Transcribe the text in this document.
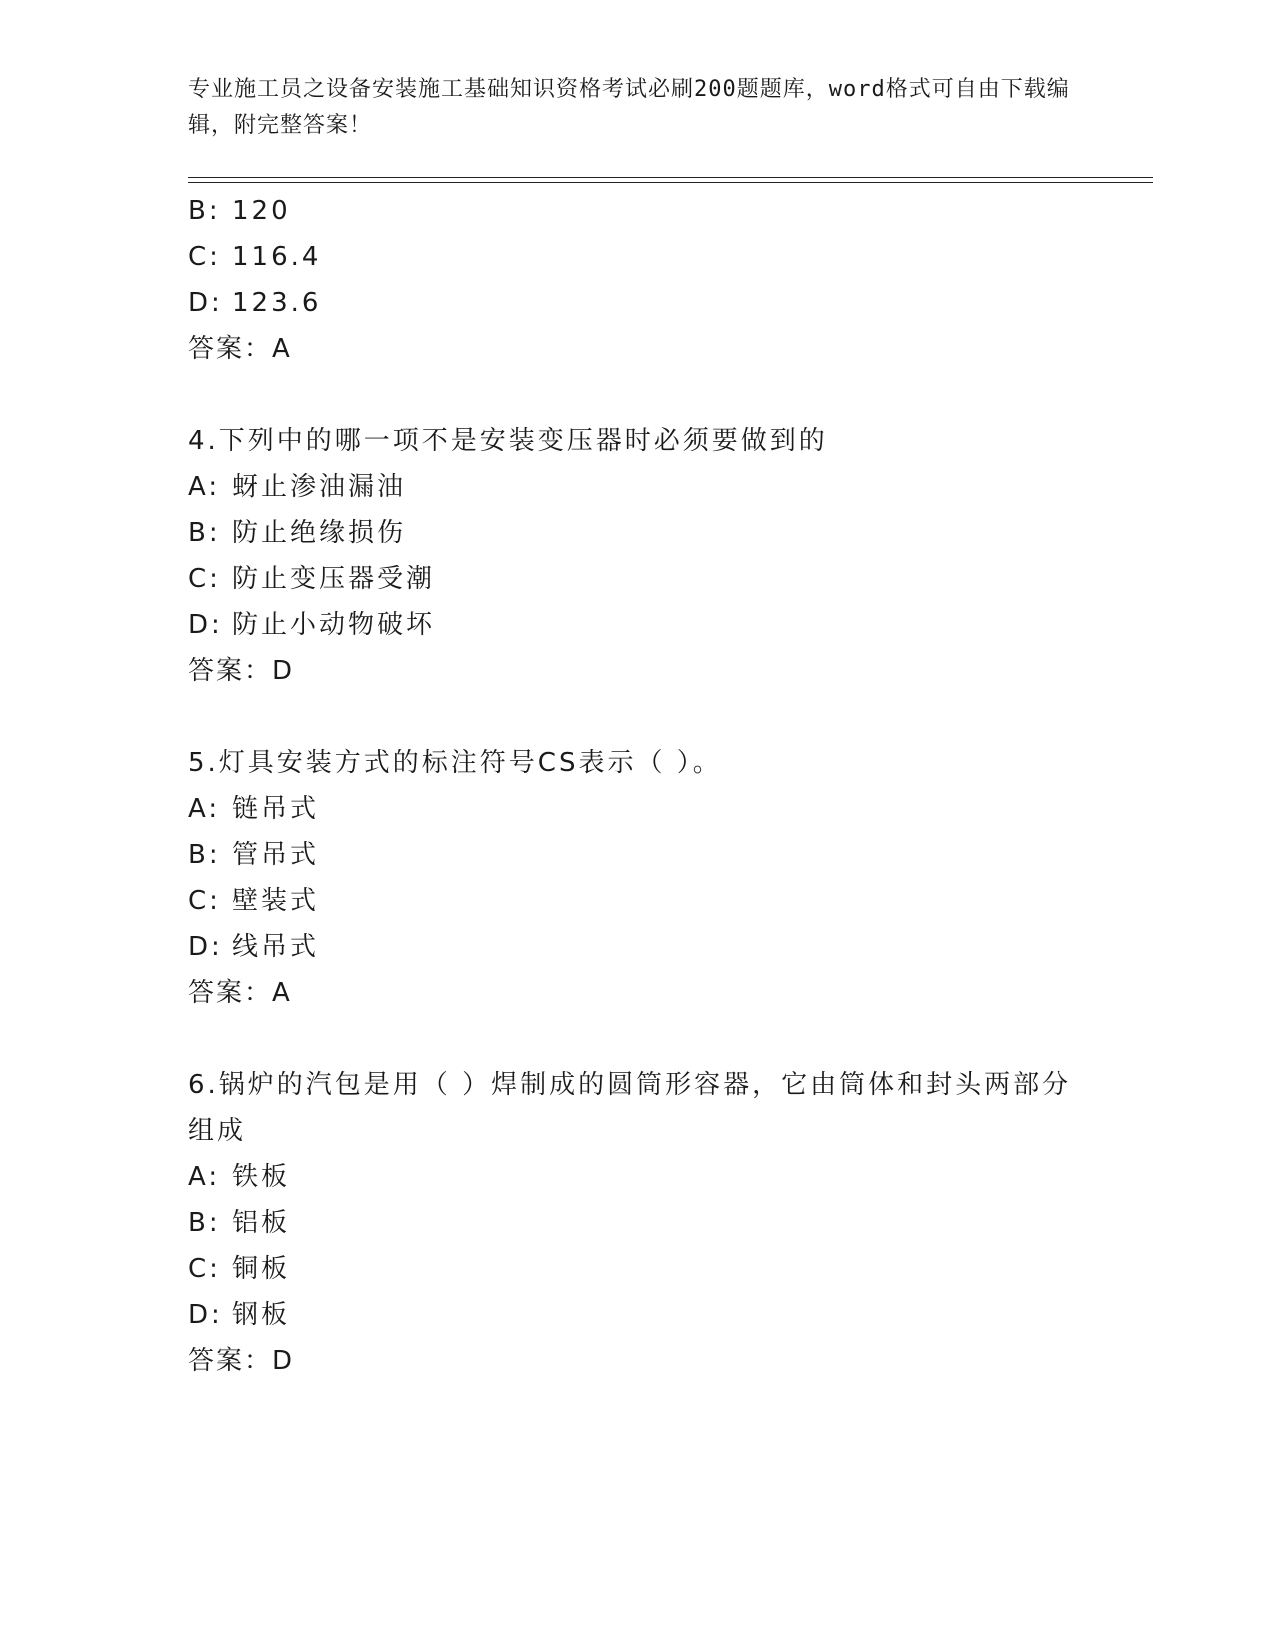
专业施工员之设备安装施工基础知识资格考试必刷200题题库，word格式可自由下载编辑，附完整答案！
B: 120
C: 116.4
D: 123.6
答案：A
4.下列中的哪一项不是安装变压器时必须要做到的
A: 蚜止渗油漏油
B: 防止绝缘损伤
C: 防止变压器受潮
D: 防止小动物破坏
答案：D
5.灯具安装方式的标注符号CS表示（ ）。
A: 链吊式
B: 管吊式
C: 壁装式
D: 线吊式
答案：A
6.锅炉的汽包是用（ ）焊制成的圆筒形容器，它由筒体和封头两部分
组成
A: 铁板
B: 铝板
C: 铜板
D: 钢板
答案：D
